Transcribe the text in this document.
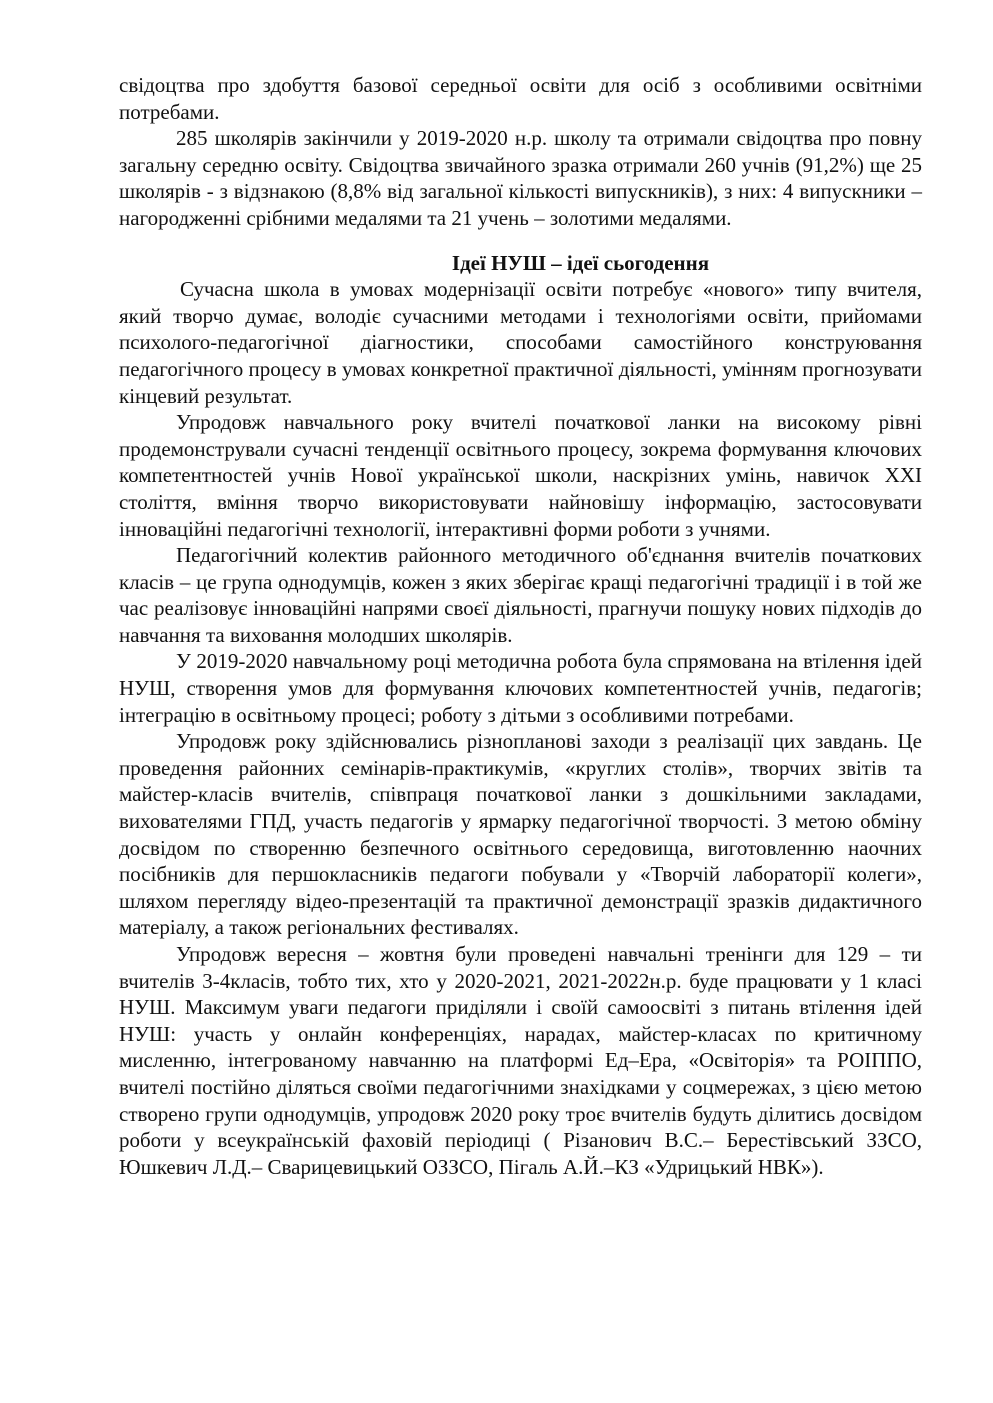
свідоцтва про здобуття базової середньої освіти для осіб з особливими освітніми потребами.

285 школярів закінчили у 2019-2020 н.р. школу та отримали свідоцтва про повну загальну середню освіту. Свідоцтва звичайного зразка отримали 260 учнів (91,2%) ще 25 школярів - з відзнакою (8,8% від загальної кількості випускників), з них: 4 випускники – нагородженні срібними медалями та 21 учень – золотими медалями.

Ідеї НУШ – ідеї сьогодення

Сучасна школа в умовах модернізації освіти потребує «нового» типу вчителя, який творчо думає, володіє сучасними методами і технологіями освіти, прийомами психолого-педагогічної діагностики, способами самостійного конструювання педагогічного процесу в умовах конкретної практичної діяльності, умінням прогнозувати кінцевий результат.

Упродовж навчального року вчителі початкової ланки на високому рівні продемонстрували сучасні тенденції освітнього процесу, зокрема формування ключових компетентностей учнів Нової української школи, наскрізних умінь, навичок ХХІ століття, вміння творчо використовувати найновішу інформацію, застосовувати інноваційні педагогічні технології, інтерактивні форми роботи з учнями.

Педагогічний колектив районного методичного об'єднання вчителів початкових класів – це група однодумців, кожен з яких зберігає кращі педагогічні традиції і в той же час реалізовує інноваційні напрями своєї діяльності, прагнучи пошуку нових підходів до навчання та виховання молодших школярів.

У 2019-2020 навчальному році методична робота була спрямована на втілення ідей НУШ, створення умов для формування ключових компетентностей учнів, педагогів; інтеграцію в освітньому процесі; роботу з дітьми з особливими потребами.

Упродовж року здійснювались різнопланові заходи з реалізації цих завдань. Це проведення районних семінарів-практикумів, «круглих столів», творчих звітів та майстер-класів вчителів, співпраця початкової ланки з дошкільними закладами, вихователями ГПД, участь педагогів у ярмарку педагогічної творчості. З метою обміну досвідом по створенню безпечного освітнього середовища, виготовленню наочних посібників для першокласників педагоги побували у «Творчій лабораторії колеги», шляхом перегляду відео-презентацій та практичної демонстрації зразків дидактичного матеріалу, а також регіональних фестивалях.

Упродовж вересня – жовтня були проведені навчальні тренінги для 129 – ти вчителів 3-4класів, тобто тих, хто у 2020-2021, 2021-2022н.р. буде працювати у 1 класі НУШ. Максимум уваги педагоги приділяли і своїй самоосвіті з питань втілення ідей НУШ: участь у онлайн конференціях, нарадах, майстер-класах по критичному мисленню, інтегрованому навчанню на платформі Ед–Ера, «Освіторія» та РОІППО, вчителі постійно діляться своїми педагогічними знахідками у соцмережах, з цією метою створено групи однодумців, упродовж 2020 року троє вчителів будуть ділитись досвідом роботи у всеукраїнській фаховій періодиці ( Різанович В.С.– Берестівський ЗЗСО, Юшкевич Л.Д.– Сварицевицький ОЗЗСО, Пігаль А.Й.–КЗ «Удрицький НВК»).
